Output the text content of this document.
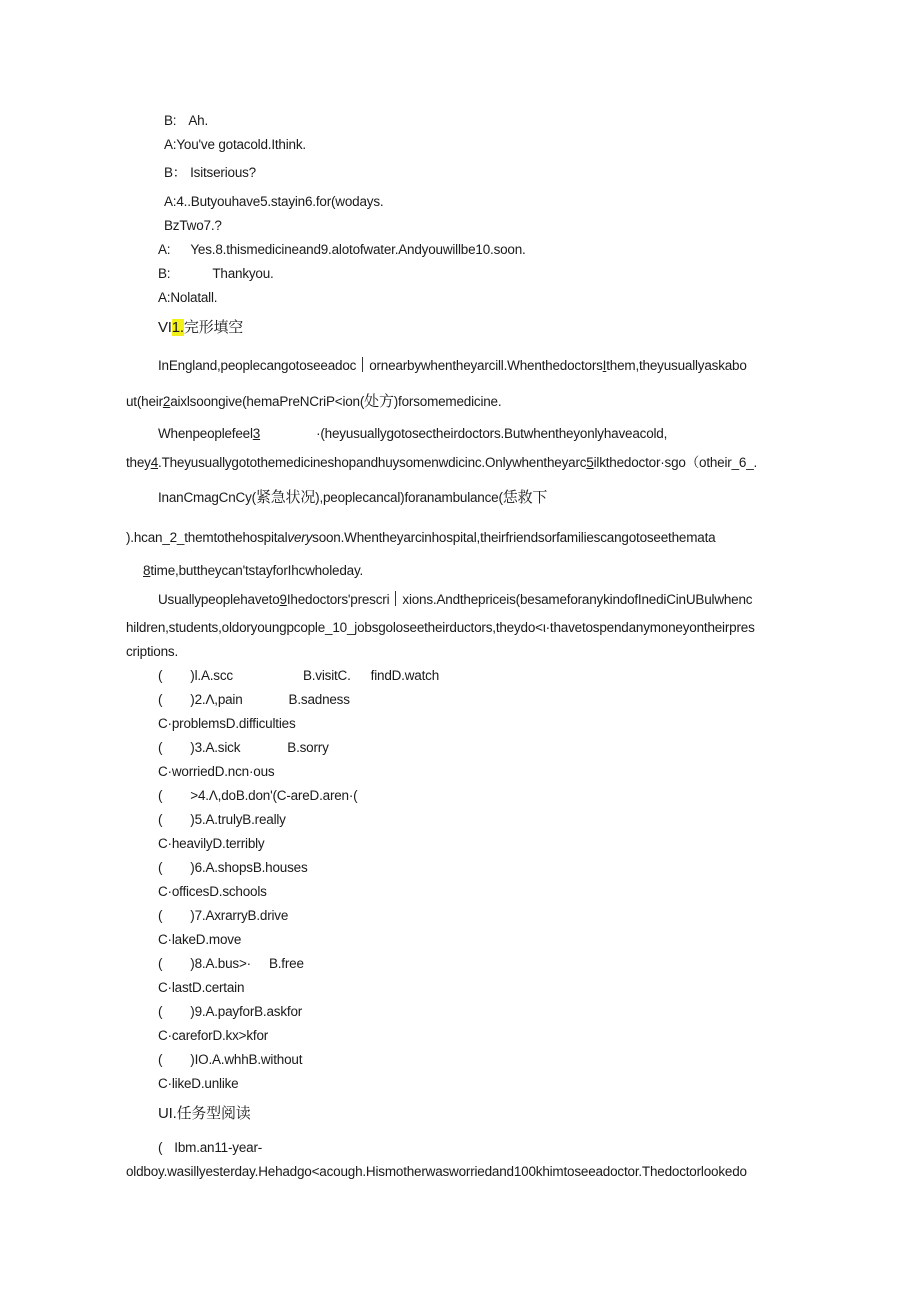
B: Ah.
A:You've gotacold.Ithink.
B： Isitserious?
A:4..Butyouhave5.stayin6.for(wodays.
BzTwo7.?
A: Yes.8.thismedicineand9.alotofwater.Andyouwillbe10.soon.
B:	Thankyou.
A:Nolatall.
VI1.完形填空
InEngland,peoplecangotoseeadoc ornearbywhentheyarcill.WhenthedoctorsIthem,theyusuallyaskabo
ut(heir2aixlsoongive(hemaPreNCriP<ion(处方)forsomemedicine.
Whenpeoplefeel3	·(heyusuallygotosectheirdoctors.Butwhentheyonlyhaveacold,
they4.Theyusuallygotothemedicineshopandhuysomenwdicinc.Onlywhentheyarc5ilkthedoctor·sgo（otheir_6_.
InanCmagCnCy(紧急状况),peoplecancal)foranambulance(恁救下
).hcan_2_themtothehospitalverysoon.Whentheyarcinhospital,theirfriendsorfamiliescangotoseethemata
8time,buttheycan'tstayforIhcwholeday.
Usuallypeoplehaveto9Ihedoctors'prescri xions.Andthepriceis(besameforanykindofInediCinUBulwhenc
hildren,students,oldoryoungpcople_10_jobsgoloseetheirductors,theydo<ι·thavetospendanymoneyontheirpres
criptions.
( )l.A.scc	B.visitC. findD.watch
( )2.Λ,pain	B.sadness
C·problemsD.difficulties
( )3.A.sick	B.sorry
C·worriedD.ncn·ous
( >4.Λ,doB.don'(C-areD.aren·(
( )5.A.trulyB.really
C·heavilyD.terribly
( )6.A.shopsB.houses
C·officesD.schools
( )7.AxrarryB.drive
C·lakeD.move
( )8.A.bus>· B.free
C·lastD.certain
( )9.A.payforB.askfor
C·careforD.kx>kfor
( )IO.A.whhB.without
C·likeD.unlike
UI.任务型阅读
( Ibm.an11-year-
oldboy.wasillyesterday.Hehadgo<acough.Hismotherwasworriedand100khimtoseeadoctor.Thedoctorlookedo
